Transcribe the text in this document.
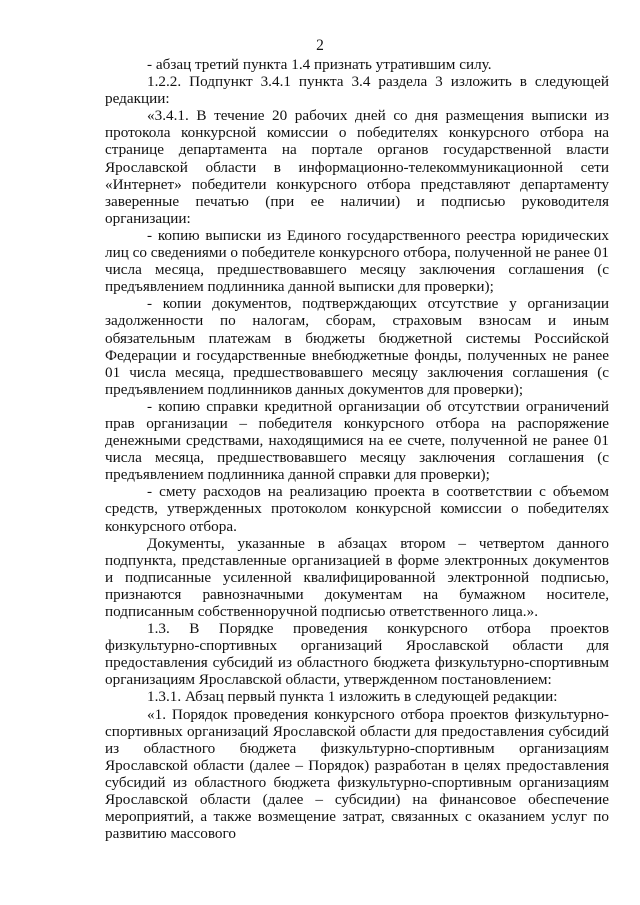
2

- абзац третий пункта 1.4 признать утратившим силу.

1.2.2. Подпункт 3.4.1 пункта 3.4 раздела 3 изложить в следующей редакции:

«3.4.1. В течение 20 рабочих дней со дня размещения выписки из протокола конкурсной комиссии о победителях конкурсного отбора на странице департамента на портале органов государственной власти Ярославской области в информационно-телекоммуникационной сети «Интернет» победители конкурсного отбора представляют департаменту заверенные печатью (при ее наличии) и подписью руководителя организации:

- копию выписки из Единого государственного реестра юридических лиц со сведениями о победителе конкурсного отбора, полученной не ранее 01 числа месяца, предшествовавшего месяцу заключения соглашения (с предъявлением подлинника данной выписки для проверки);

- копии документов, подтверждающих отсутствие у организации задолженности по налогам, сборам, страховым взносам и иным обязательным платежам в бюджеты бюджетной системы Российской Федерации и государственные внебюджетные фонды, полученных не ранее 01 числа месяца, предшествовавшего месяцу заключения соглашения (с предъявлением подлинников данных документов для проверки);

- копию справки кредитной организации об отсутствии ограничений прав организации – победителя конкурсного отбора на распоряжение денежными средствами, находящимися на ее счете, полученной не ранее 01 числа месяца, предшествовавшего месяцу заключения соглашения (с предъявлением подлинника данной справки для проверки);

- смету расходов на реализацию проекта в соответствии с объемом средств, утвержденных протоколом конкурсной комиссии о победителях конкурсного отбора.

Документы, указанные в абзацах втором – четвертом данного подпункта, представленные организацией в форме электронных документов и подписанные усиленной квалифицированной электронной подписью, признаются равнозначными документам на бумажном носителе, подписанным собственноручной подписью ответственного лица.».

1.3. В Порядке проведения конкурсного отбора проектов физкультурно-спортивных организаций Ярославской области для предоставления субсидий из областного бюджета физкультурно-спортивным организациям Ярославской области, утвержденном постановлением:

1.3.1. Абзац первый пункта 1 изложить в следующей редакции:

«1. Порядок проведения конкурсного отбора проектов физкультурно-спортивных организаций Ярославской области для предоставления субсидий из областного бюджета физкультурно-спортивным организациям Ярославской области (далее – Порядок) разработан в целях предоставления субсидий из областного бюджета физкультурно-спортивным организациям Ярославской области (далее – субсидии) на финансовое обеспечение мероприятий, а также возмещение затрат, связанных с оказанием услуг по развитию массового
